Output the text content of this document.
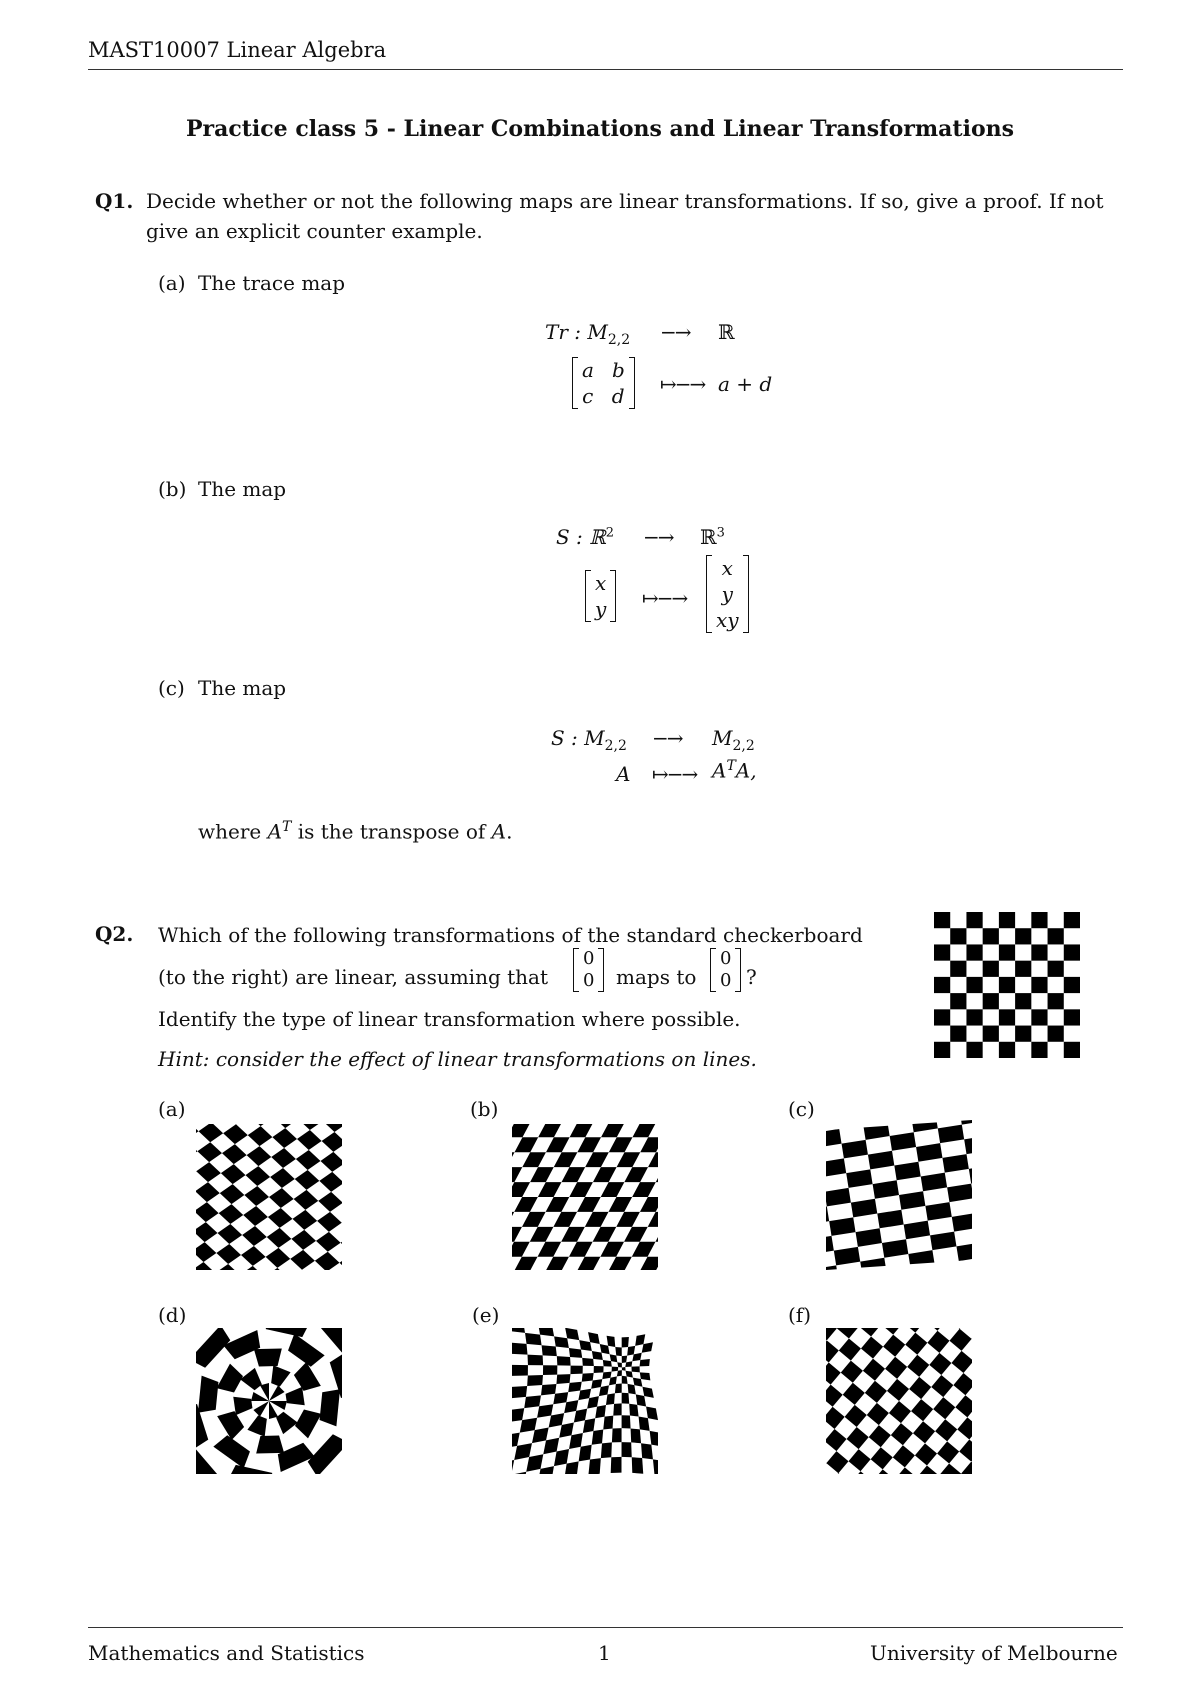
MAST10007 Linear Algebra
Practice class 5 - Linear Combinations and Linear Transformations
Q1. Decide whether or not the following maps are linear transformations. If so, give a proof. If not give an explicit counter example.
(a) The trace map
Tr : $M_{2,2}$ −→ ℝ
a b
c d ↦−→ a + d
(b) The map
S : ℝ$^2$ −→ ℝ$^3$
x
y ↦−→
x
y
xy
(c) The map
S : $M_{2,2} -\to M_{2,2}$
A ↦−→ $A^TA$,
where $A^T$ is the transpose of A.
Q2. Which of the following transformations of the standard checkerboard
(to the right) are linear, assuming that
0
0 maps to
0
0 ?
Identify the type of linear transformation where possible.
Hint: consider the effect of linear transformations on lines.
(a)	(b)	(c)
(d)	(e)	(f)
Mathematics and Statistics	1	University of Melbourne
